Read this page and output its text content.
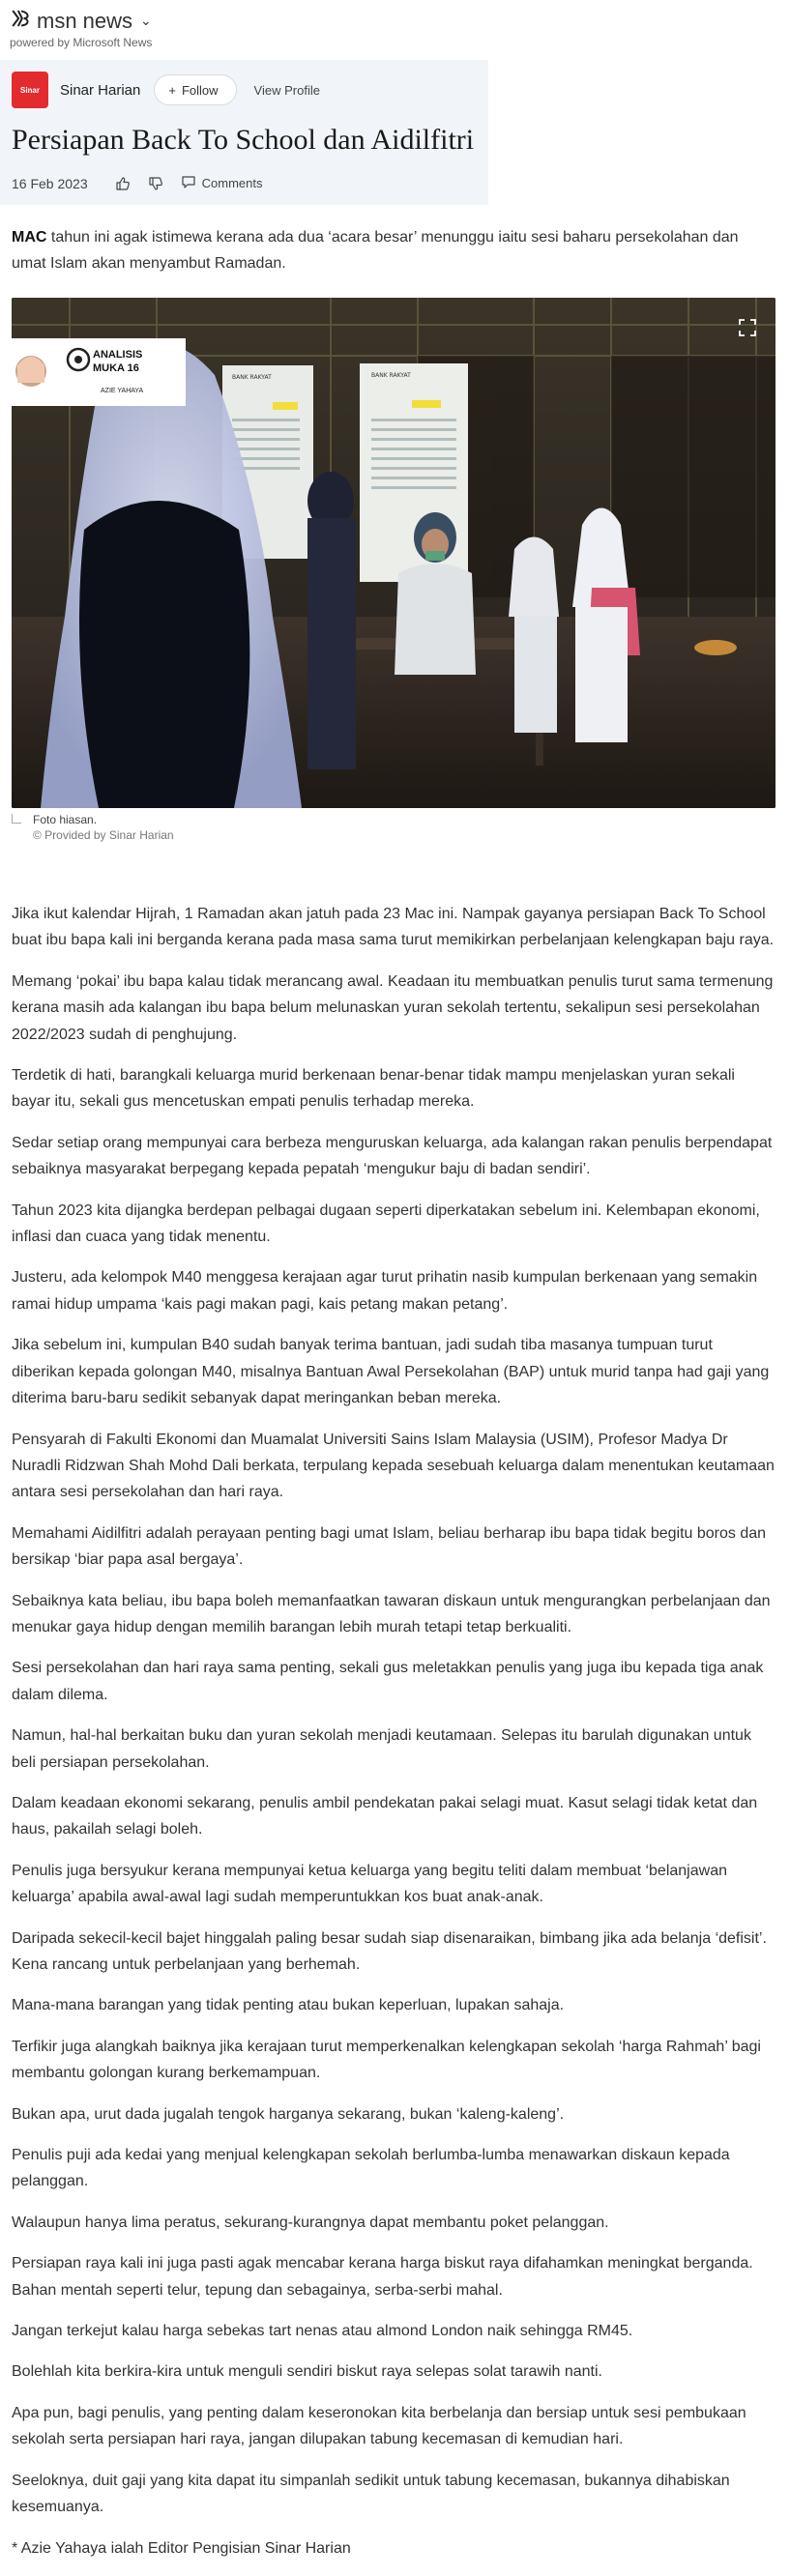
msn news ⌄
powered by Microsoft News
Sinar	Sinar Harian + Follow	View Profile
Persiapan Back To School dan Aidilfitri
16 Feb 2023	Comments

MAC tahun ini agak istimewa kerana ada dua ‘acara besar’ menunggu iaitu sesi baharu persekolahan dan umat Islam akan menyambut Ramadan.

BANK RAKYAT	BANK RAKYAT
ANALISIS
MUKA 16
AZIE YAHAYA
Foto hiasan.
© Provided by Sinar Harian

Jika ikut kalendar Hijrah, 1 Ramadan akan jatuh pada 23 Mac ini. Nampak gayanya persiapan Back To School buat ibu bapa kali ini berganda kerana pada masa sama turut memikirkan perbelanjaan kelengkapan baju raya.

Memang ‘pokai’ ibu bapa kalau tidak merancang awal. Keadaan itu membuatkan penulis turut sama termenung kerana masih ada kalangan ibu bapa belum melunaskan yuran sekolah tertentu, sekalipun sesi persekolahan 2022/2023 sudah di penghujung.

Terdetik di hati, barangkali keluarga murid berkenaan benar-benar tidak mampu menjelaskan yuran sekali bayar itu, sekali gus mencetuskan empati penulis terhadap mereka.

Sedar setiap orang mempunyai cara berbeza menguruskan keluarga, ada kalangan rakan penulis berpendapat sebaiknya masyarakat berpegang kepada pepatah ‘mengukur baju di badan sendiri’.

Tahun 2023 kita dijangka berdepan pelbagai dugaan seperti diperkatakan sebelum ini. Kelembapan ekonomi, inflasi dan cuaca yang tidak menentu.

Justeru, ada kelompok M40 menggesa kerajaan agar turut prihatin nasib kumpulan berkenaan yang semakin ramai hidup umpama ‘kais pagi makan pagi, kais petang makan petang’.

Jika sebelum ini, kumpulan B40 sudah banyak terima bantuan, jadi sudah tiba masanya tumpuan turut diberikan kepada golongan M40, misalnya Bantuan Awal Persekolahan (BAP) untuk murid tanpa had gaji yang diterima baru-baru sedikit sebanyak dapat meringankan beban mereka.

Pensyarah di Fakulti Ekonomi dan Muamalat Universiti Sains Islam Malaysia (USIM), Profesor Madya Dr Nuradli Ridzwan Shah Mohd Dali berkata, terpulang kepada sesebuah keluarga dalam menentukan keutamaan antara sesi persekolahan dan hari raya.

Memahami Aidilfitri adalah perayaan penting bagi umat Islam, beliau berharap ibu bapa tidak begitu boros dan bersikap ‘biar papa asal bergaya’.

Sebaiknya kata beliau, ibu bapa boleh memanfaatkan tawaran diskaun untuk mengurangkan perbelanjaan dan menukar gaya hidup dengan memilih barangan lebih murah tetapi tetap berkualiti.

Sesi persekolahan dan hari raya sama penting, sekali gus meletakkan penulis yang juga ibu kepada tiga anak dalam dilema.

Namun, hal-hal berkaitan buku dan yuran sekolah menjadi keutamaan. Selepas itu barulah digunakan untuk beli persiapan persekolahan.

Dalam keadaan ekonomi sekarang, penulis ambil pendekatan pakai selagi muat. Kasut selagi tidak ketat dan haus, pakailah selagi boleh.

Penulis juga bersyukur kerana mempunyai ketua keluarga yang begitu teliti dalam membuat ‘belanjawan keluarga’ apabila awal-awal lagi sudah memperuntukkan kos buat anak-anak.

Daripada sekecil-kecil bajet hinggalah paling besar sudah siap disenaraikan, bimbang jika ada belanja ‘defisit’. Kena rancang untuk perbelanjaan yang berhemah.

Mana-mana barangan yang tidak penting atau bukan keperluan, lupakan sahaja.

Terfikir juga alangkah baiknya jika kerajaan turut memperkenalkan kelengkapan sekolah ‘harga Rahmah’ bagi membantu golongan kurang berkemampuan.

Bukan apa, urut dada jugalah tengok harganya sekarang, bukan ‘kaleng-kaleng’.

Penulis puji ada kedai yang menjual kelengkapan sekolah berlumba-lumba menawarkan diskaun kepada pelanggan.

Walaupun hanya lima peratus, sekurang-kurangnya dapat membantu poket pelanggan.

Persiapan raya kali ini juga pasti agak mencabar kerana harga biskut raya difahamkan meningkat berganda. Bahan mentah seperti telur, tepung dan sebagainya, serba-serbi mahal.

Jangan terkejut kalau harga sebekas tart nenas atau almond London naik sehingga RM45.

Bolehlah kita berkira-kira untuk menguli sendiri biskut raya selepas solat tarawih nanti.

Apa pun, bagi penulis, yang penting dalam keseronokan kita berbelanja dan bersiap untuk sesi pembukaan sekolah serta persiapan hari raya, jangan dilupakan tabung kecemasan di kemudian hari.

Seeloknya, duit gaji yang kita dapat itu simpanlah sedikit untuk tabung kecemasan, bukannya dihabiskan kesemuanya.

* Azie Yahaya ialah Editor Pengisian Sinar Harian
